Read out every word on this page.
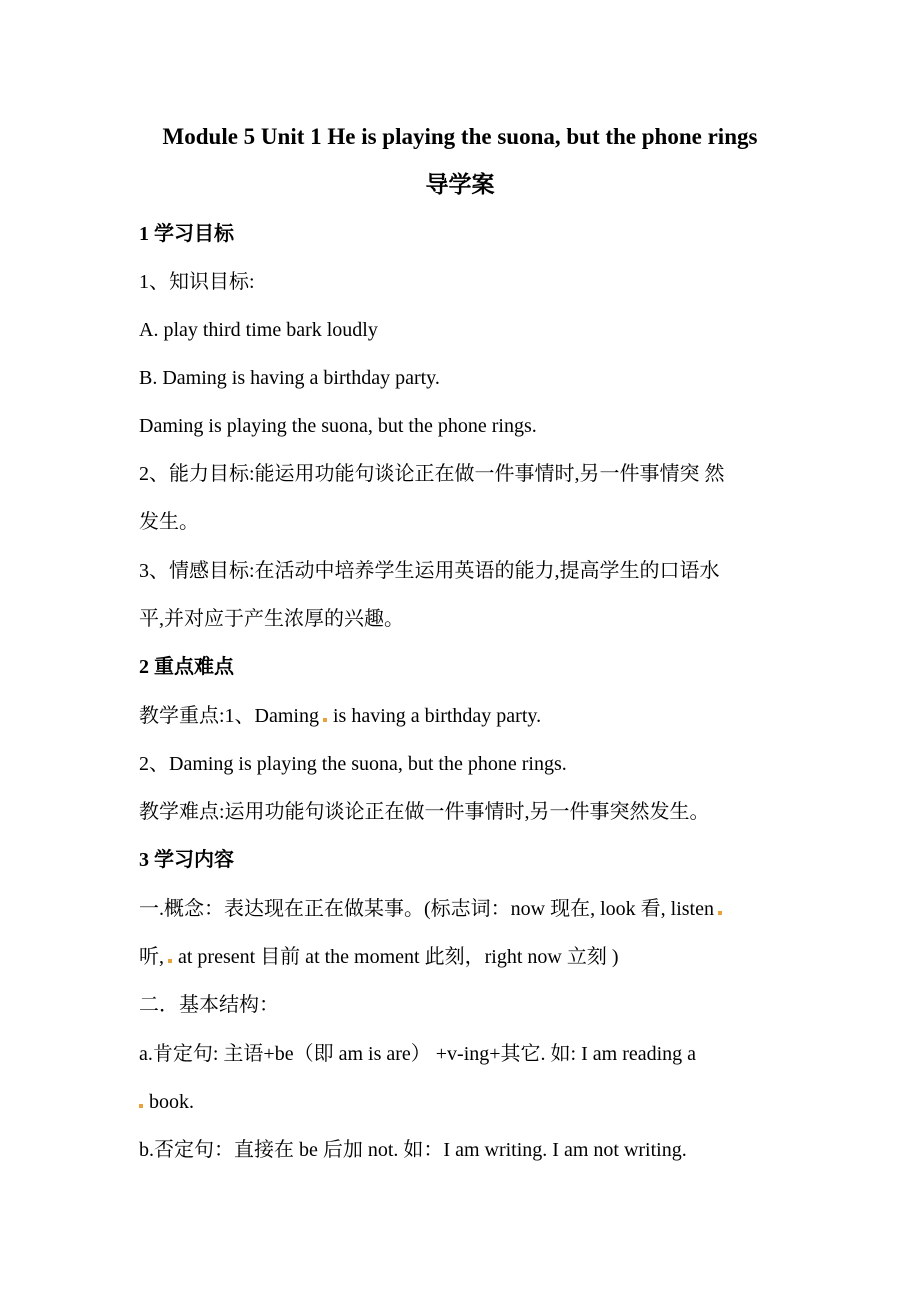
Module 5 Unit 1 He is playing the suona, but the phone rings
导学案
1 学习目标
1、知识目标:
A. play third time bark loudly
B. Daming is having a birthday party.
Daming is playing the suona, but the phone rings.
2、能力目标:能运用功能句谈论正在做一件事情时,另一件事情突 然
发生。
3、情感目标:在活动中培养学生运用英语的能力,提高学生的口语水
平,并对应于产生浓厚的兴趣。
2 重点难点
教学重点:1、Daming is having a birthday party.
2、Daming is playing the suona, but the phone rings.
教学难点:运用功能句谈论正在做一件事情时,另一件事突然发生。
3 学习内容
一.概念：表达现在正在做某事。(标志词：now 现在, look 看, listen
听, at present 目前 at the moment 此刻，right now 立刻 )
二．基本结构：
a.肯定句: 主语+be（即 am is are） +v-ing+其它. 如: I am reading a
book.
b.否定句：直接在 be 后加 not. 如：I am writing. I am not writing.
